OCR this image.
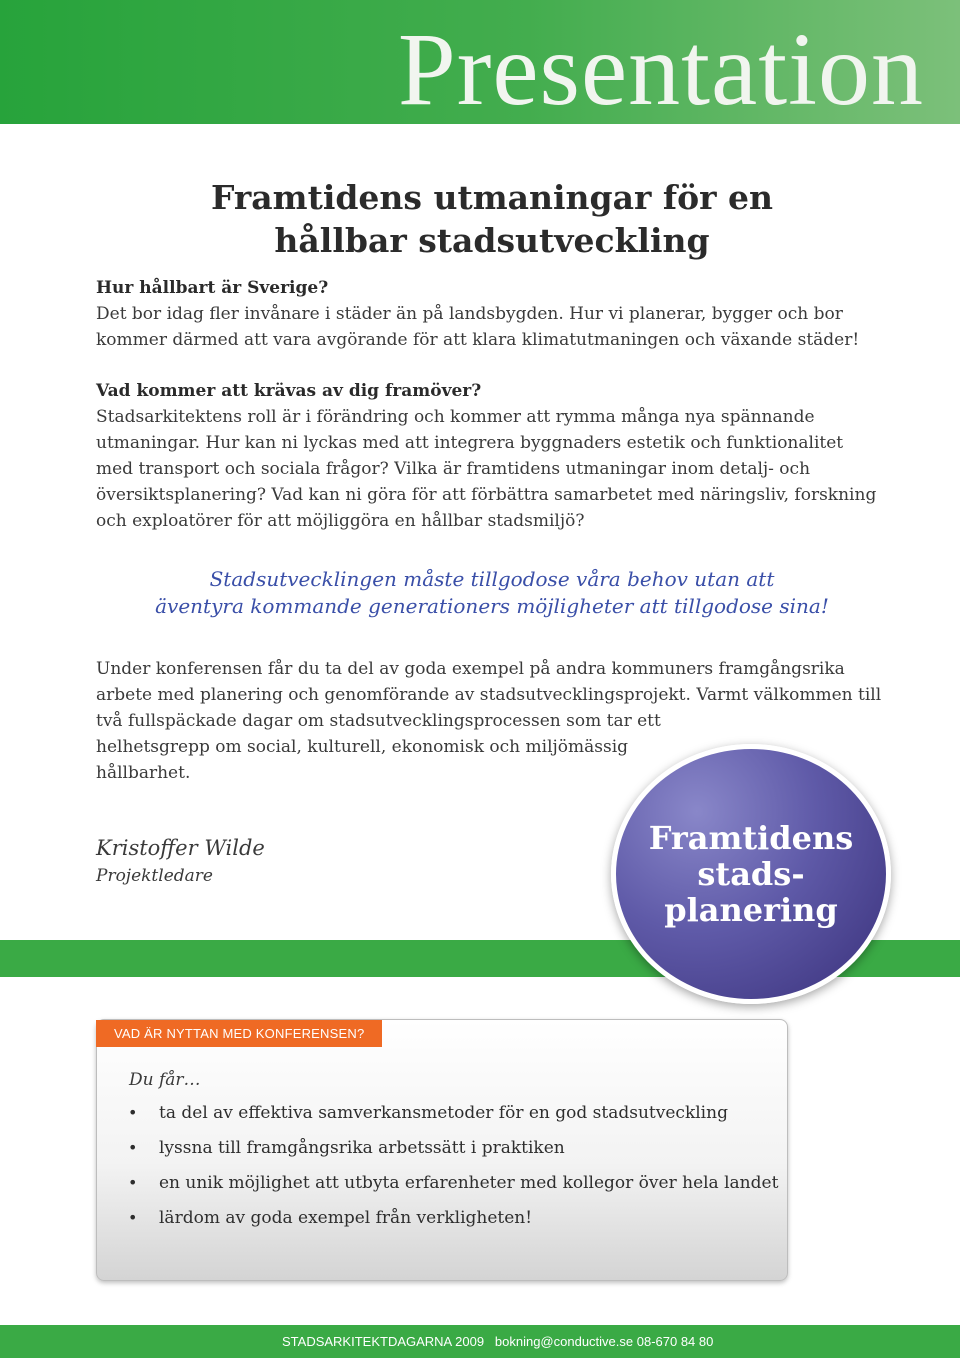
Presentation
Framtidens utmaningar för en
hållbar stadsutveckling

Hur hållbart är Sverige?

Det bor idag fler invånare i städer än på landsbygden. Hur vi planerar, bygger och bor

kommer därmed att vara avgörande för att klara klimatutmaningen och växande städer!

Vad kommer att krävas av dig framöver?

Stadsarkitektens roll är i förändring och kommer att rymma många nya spännande

utmaningar. Hur kan ni lyckas med att integrera byggnaders estetik och funktionalitet

med transport och sociala frågor? Vilka är framtidens utmaningar inom detalj- och

översiktsplanering? Vad kan ni göra för att förbättra samarbetet med näringsliv, forskning

och exploatörer för att möjliggöra en hållbar stadsmiljö?

Stadsutvecklingen måste tillgodose våra behov utan att
äventyra kommande generationers möjligheter att tillgodose sina!

Under konferensen får du ta del av goda exempel på andra kommuners framgångsrika

arbete med planering och genomförande av stadsutvecklingsprojekt. Varmt välkommen till

två fullspäckade dagar om stadsutvecklingsprocessen som tar ett

helhetsgrepp om social, kulturell, ekonomisk och miljömässig

hållbarhet.

Kristoffer Wilde
Projektledare
Framtidens
stads-
planering
VAD ÄR NYTTAN MED KONFERENSEN?
Du får…
•	ta del av effektiva samverkansmetoder för en god stadsutveckling
•	lyssna till framgångsrika arbetssätt i praktiken
•	en unik möjlighet att utbyta erfarenheter med kollegor över hela landet
•	lärdom av goda exempel från verkligheten!
STADSARKITEKTDAGARNA 2009 bokning@conductive.se 08-670 84 80
